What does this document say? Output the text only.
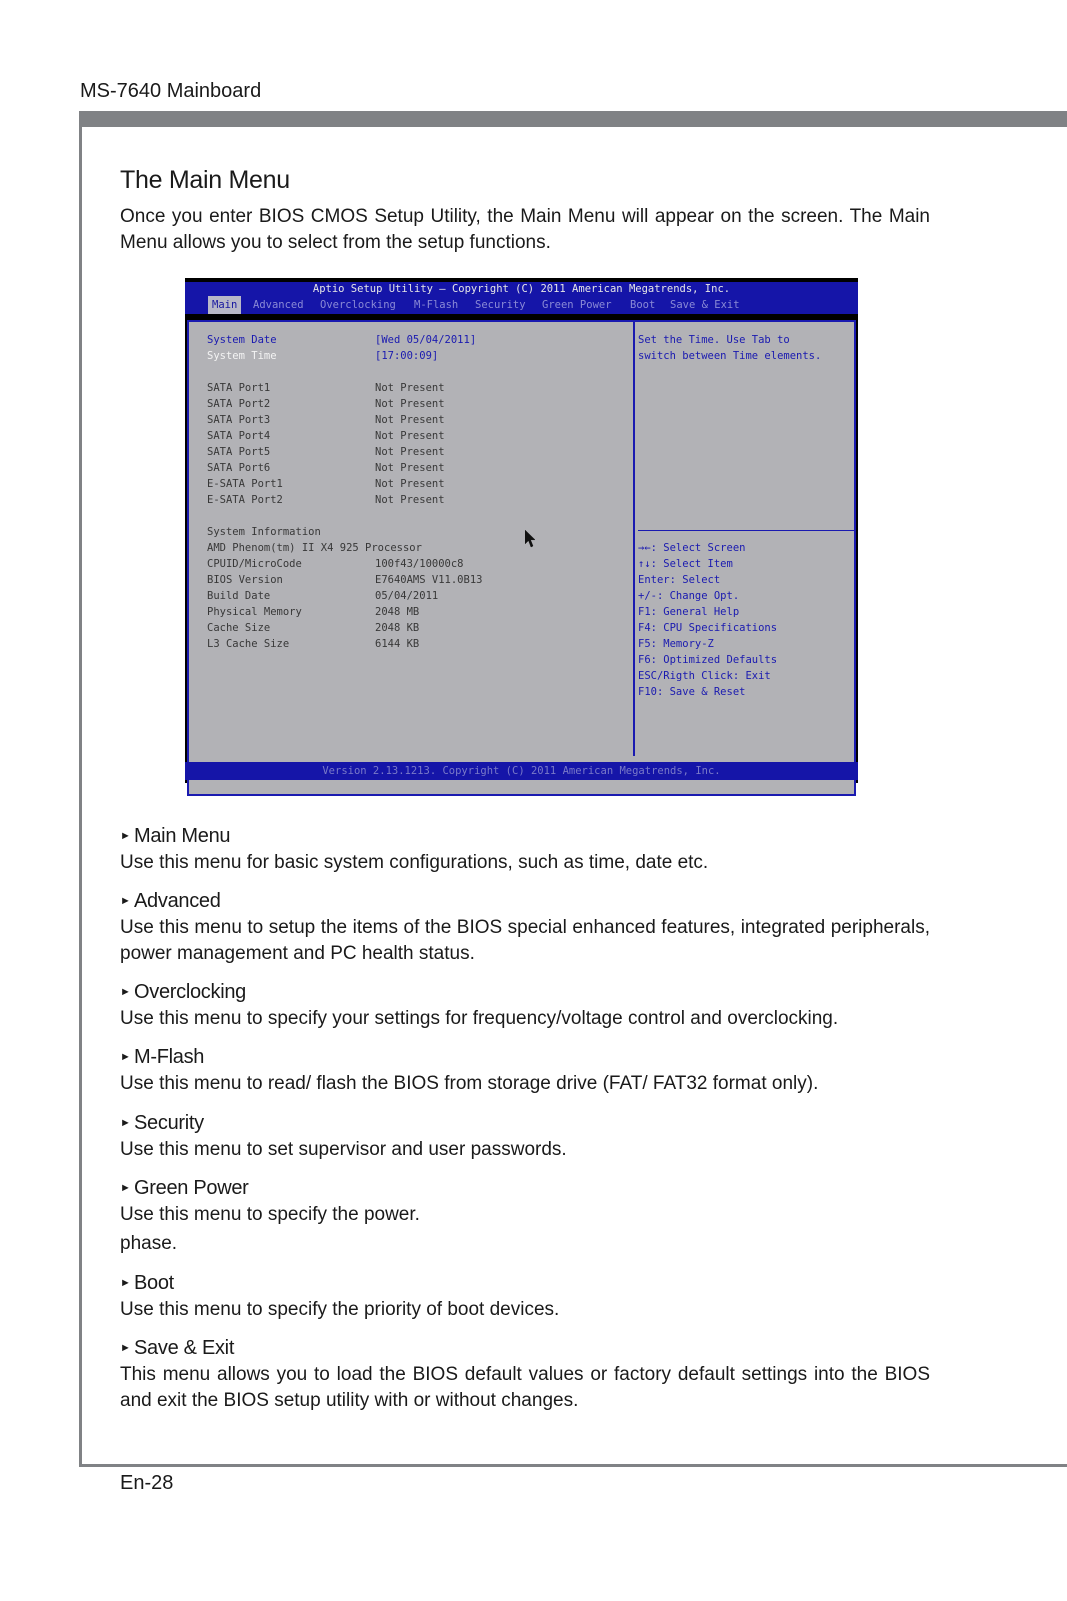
MS-7640 Mainboard
The Main Menu

Once you enter BIOS CMOS Setup Utility, the Main Menu will appear on the screen. The Main Menu allows you to select from the setup functions.

Aptio Setup Utility – Copyright (C) 2011 American Megatrends, Inc.
Main	Advanced Overclocking M-Flash Security Green Power Boot Save & Exit
System Date	[Wed 05/04/2011]
System Time	[17:00:09]
SATA Port1	Not Present
SATA Port2	Not Present
SATA Port3	Not Present
SATA Port4	Not Present
SATA Port5	Not Present
SATA Port6	Not Present
E-SATA Port1	Not Present
E-SATA Port2	Not Present
System Information
AMD Phenom(tm) II X4 925 Processor
CPUID/MicroCode	100f43/10000c8
BIOS Version	E7640AMS V11.0B13
Build Date	05/04/2011
Physical Memory	2048 MB
Cache Size	2048 KB
L3 Cache Size	6144 KB
Set the Time. Use Tab to
switch between Time elements.
→←: Select Screen
↑↓: Select Item
Enter: Select
+/-: Change Opt.
F1: General Help
F4: CPU Specifications
F5: Memory-Z
F6: Optimized Defaults
ESC/Rigth Click: Exit
F10: Save & Reset
Version 2.13.1213. Copyright (C) 2011 American Megatrends, Inc.
► Main Menu
Use this menu for basic system configurations, such as time, date etc.
► Advanced
Use this menu to setup the items of the BIOS special enhanced features, integrated peripherals, power management and PC health status.
► Overclocking
Use this menu to specify your settings for frequency/voltage control and overclocking.
► M-Flash
Use this menu to read/ flash the BIOS from storage drive (FAT/ FAT32 format only).
► Security
Use this menu to set supervisor and user passwords.
► Green Power
Use this menu to specify the power.
phase.
► Boot
Use this menu to specify the priority of boot devices.
► Save & Exit
This menu allows you to load the BIOS default values or factory default settings into the BIOS and exit the BIOS setup utility with or without changes.
En-28
